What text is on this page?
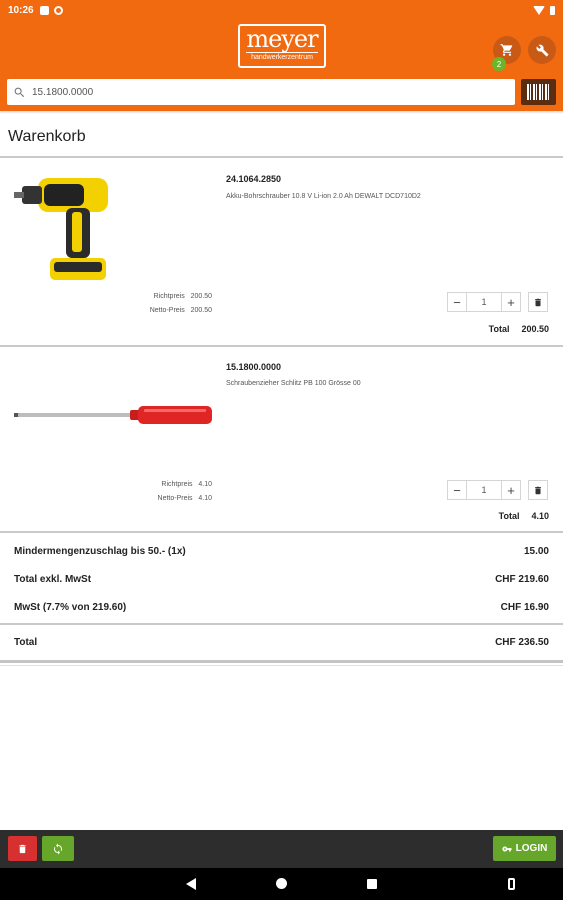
10:26
meyer
handwerkerzentrum
2
15.1800.0000
Warenkorb
24.1064.2850
Akku-Bohrschrauber 10.8 V Li-ion 2.0 Ah DEWALT DCD710D2
Richtpreis 200.50
Netto-Preis 200.50
−	1	+
Total 200.50
15.1800.0000
Schraubenzieher Schlitz PB 100 Grösse 00
Richtpreis 4.10
Netto-Preis 4.10
−	1	+
Total 4.10
Mindermengenzuschlag bis 50.- (1x)	15.00
Total exkl. MwSt	CHF 219.60
MwSt (7.7% von 219.60)	CHF 16.90
Total	CHF 236.50
LOGIN
